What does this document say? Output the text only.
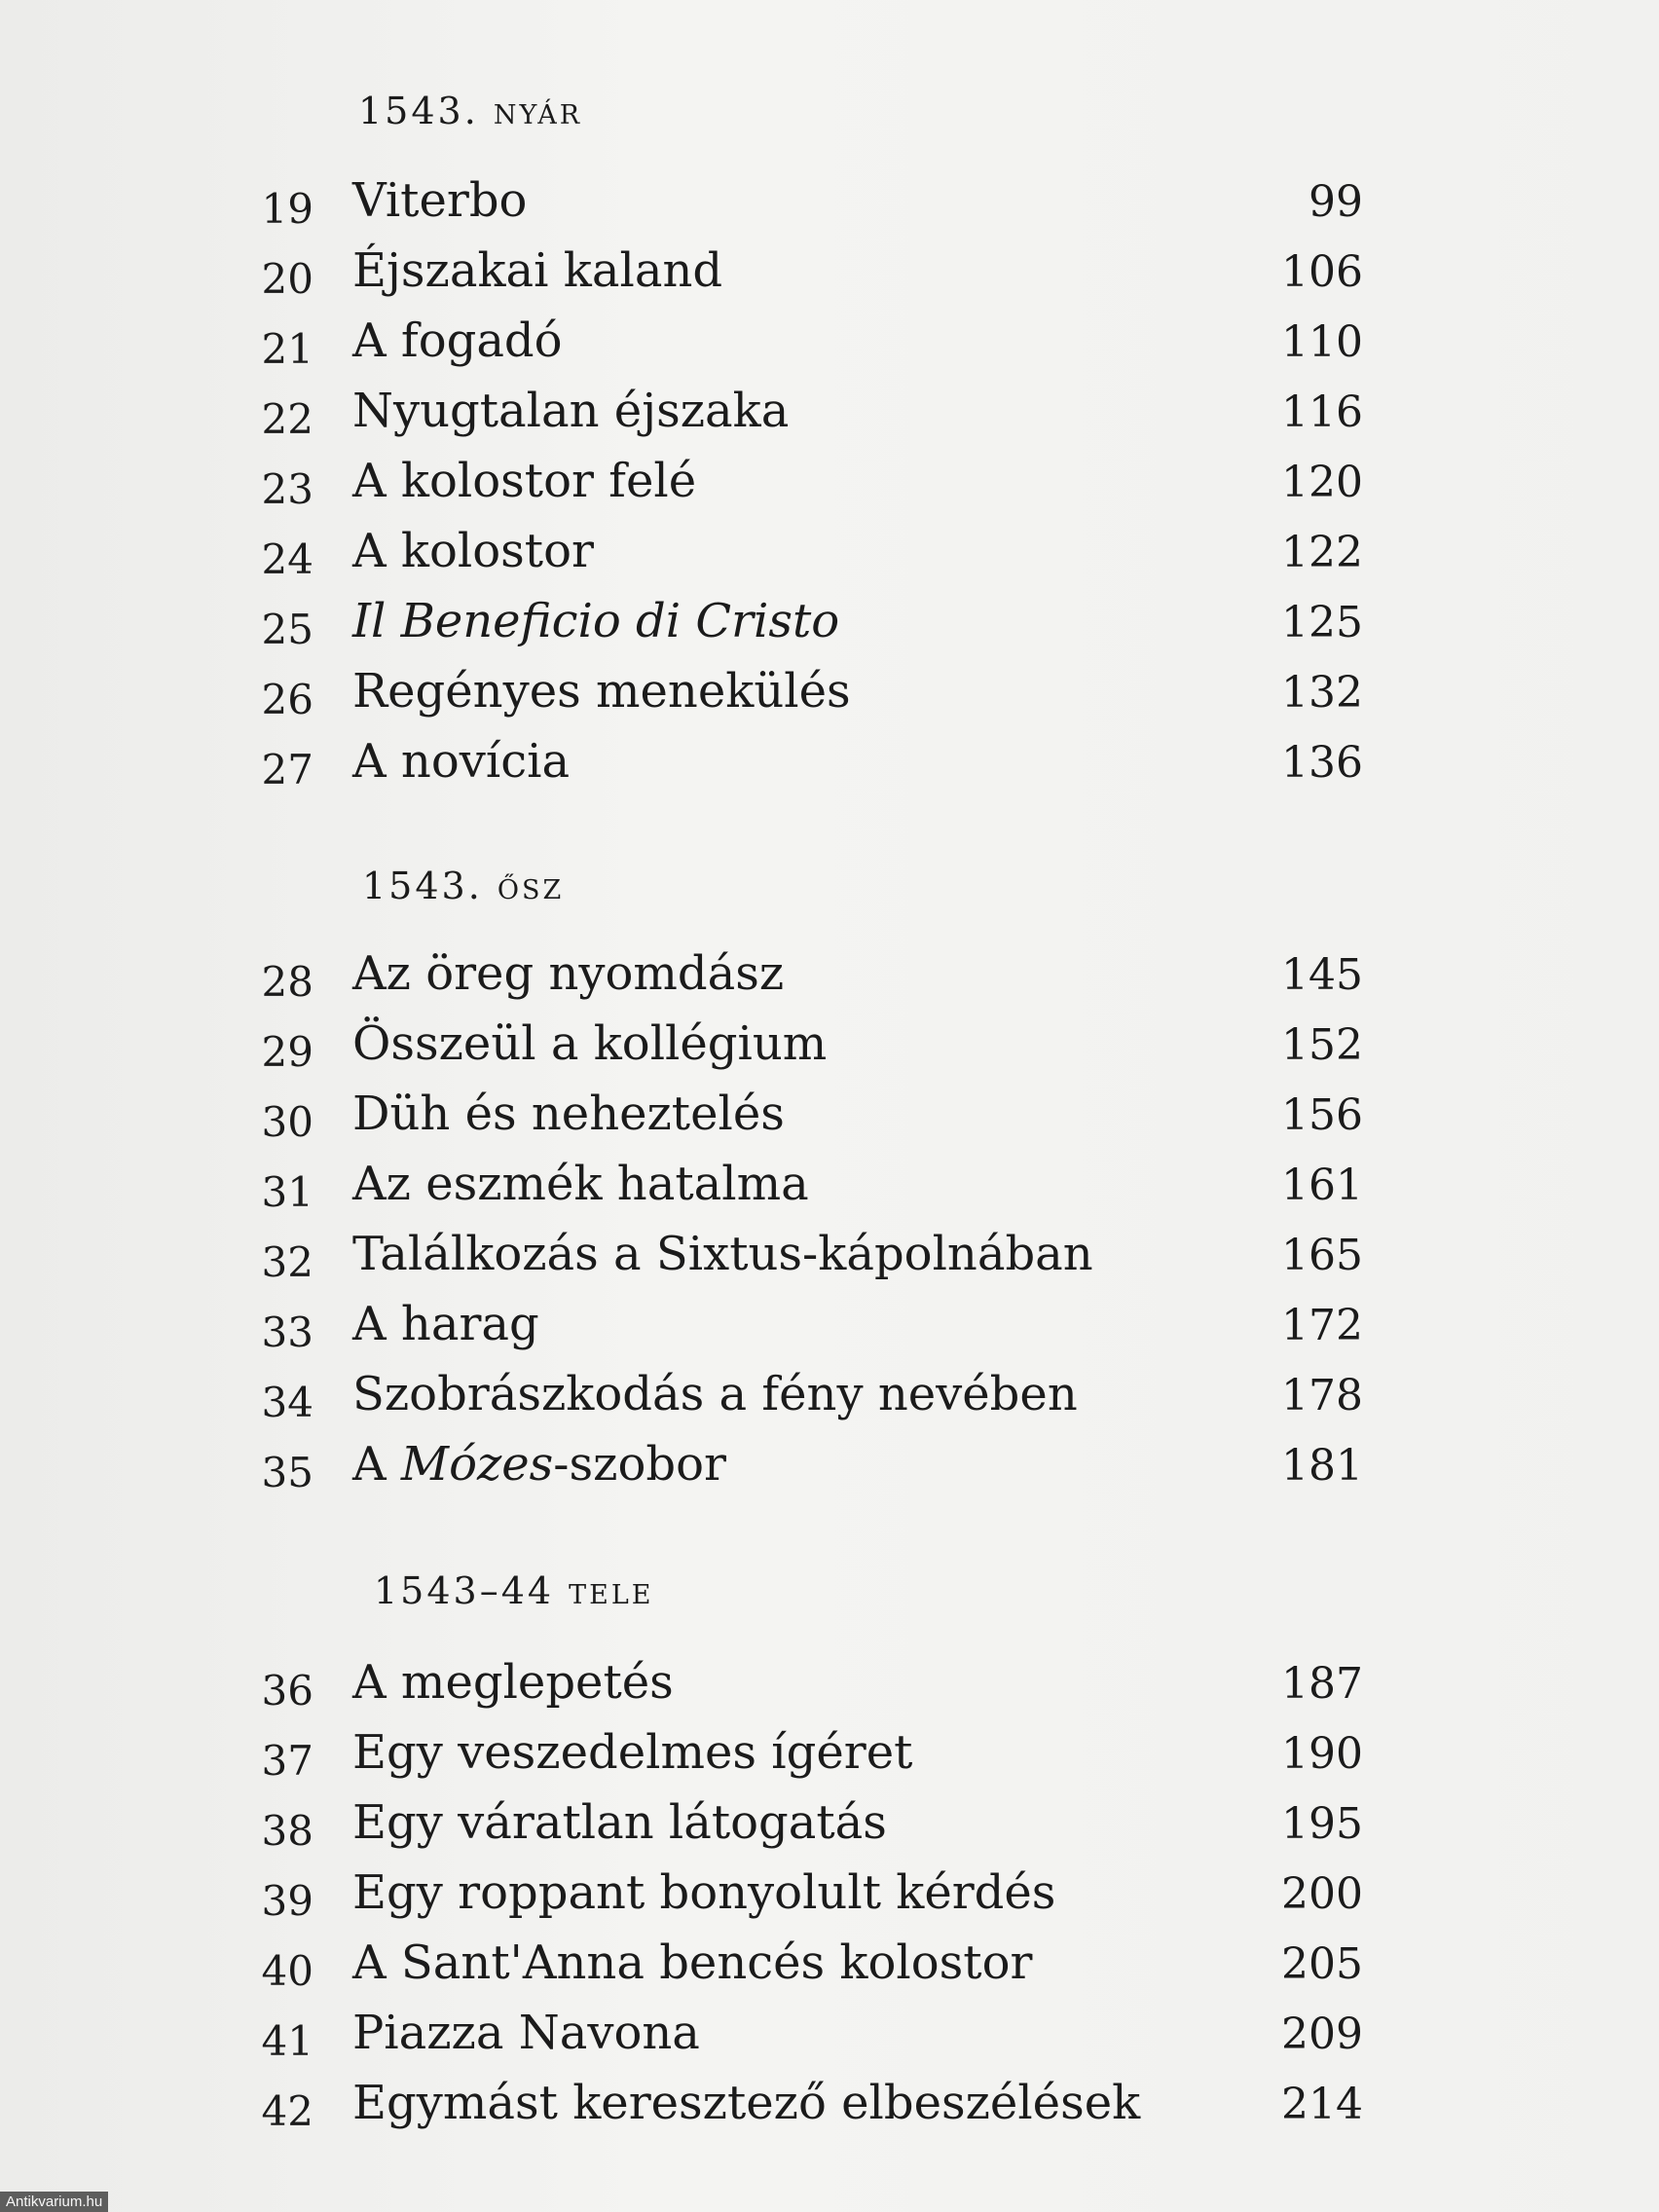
1543. nyár
19 Viterbo	99
20 Éjszakai kaland	106
21 A fogadó	110
22 Nyugtalan éjszaka	116
23 A kolostor felé	120
24 A kolostor	122
25 Il Beneficio di Cristo	125
26 Regényes menekülés	132
27 A novícia	136
1543. ősz
28 Az öreg nyomdász	145
29 Összeül a kollégium	152
30 Düh és neheztelés	156
31 Az eszmék hatalma	161
32 Találkozás a Sixtus-kápolnában	165
33 A harag	172
34 Szobrászkodás a fény nevében	178
35 A Mózes-szobor	181
1543–44 tele
36 A meglepetés	187
37 Egy veszedelmes ígéret	190
38 Egy váratlan látogatás	195
39 Egy roppant bonyolult kérdés	200
40 A Sant'Anna bencés kolostor	205
41 Piazza Navona	209
42 Egymást keresztező elbeszélések	214
Antikvarium.hu
